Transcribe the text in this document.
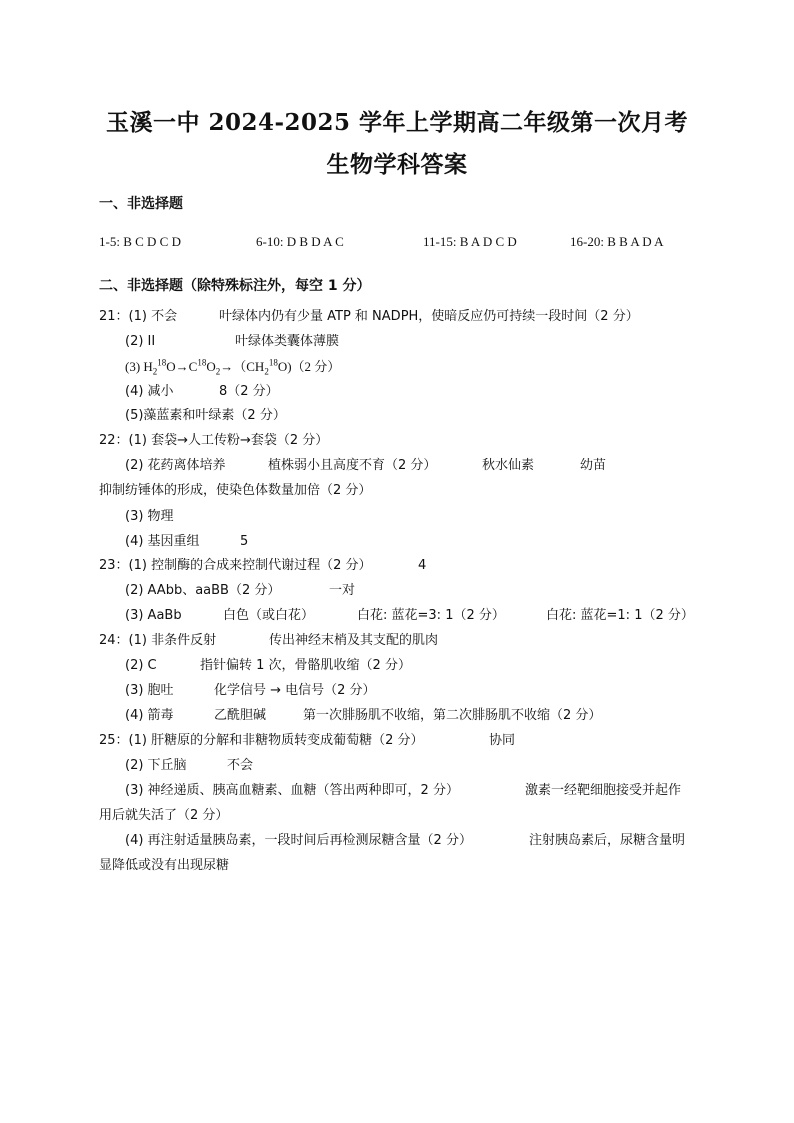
玉溪一中 2024-2025 学年上学期高二年级第一次月考
生物学科答案
一、非选择题
1-5: B C D C D	6-10: D B D A C	11-15: B A D C D	16-20: B B A D A
二、非选择题（除特殊标注外，每空 1 分）
21：(1) 不会	叶绿体内仍有少量 ATP 和 NADPH，使暗反应仍可持续一段时间（2 分）
(2) II	叶绿体类囊体薄膜
(3) $H_2^{18}O\to C^{18}O_2\to(CH_2^{18}O)(2$ 分）
(4) 减小	8（2 分）
(5)藻蓝素和叶绿素（2 分）
22：(1) 套袋→人工传粉→套袋（2 分）
(2) 花药离体培养	植株弱小且高度不育（2 分）	秋水仙素	幼苗
抑制纺锤体的形成，使染色体数量加倍（2 分）
(3) 物理
(4) 基因重组	5
23：(1) 控制酶的合成来控制代谢过程（2 分）	4
(2) AAbb、aaBB（2 分）	一对
(3) AaBb	白色（或白花）	白花: 蓝花=3: 1（2 分）	白花: 蓝花=1: 1（2 分）
24：(1) 非条件反射	传出神经末梢及其支配的肌肉
(2) C	指针偏转 1 次，骨骼肌收缩（2 分）
(3) 胞吐	化学信号 → 电信号（2 分）
(4) 箭毒	乙酰胆碱	第一次腓肠肌不收缩，第二次腓肠肌不收缩（2 分）
25：(1) 肝糖原的分解和非糖物质转变成葡萄糖（2 分）	协同
(2) 下丘脑	不会
(3) 神经递质、胰高血糖素、血糖（答出两种即可，2 分）	激素一经靶细胞接受并起作
用后就失活了（2 分）
(4) 再注射适量胰岛素，一段时间后再检测尿糖含量（2 分）	注射胰岛素后，尿糖含量明
显降低或没有出现尿糖
